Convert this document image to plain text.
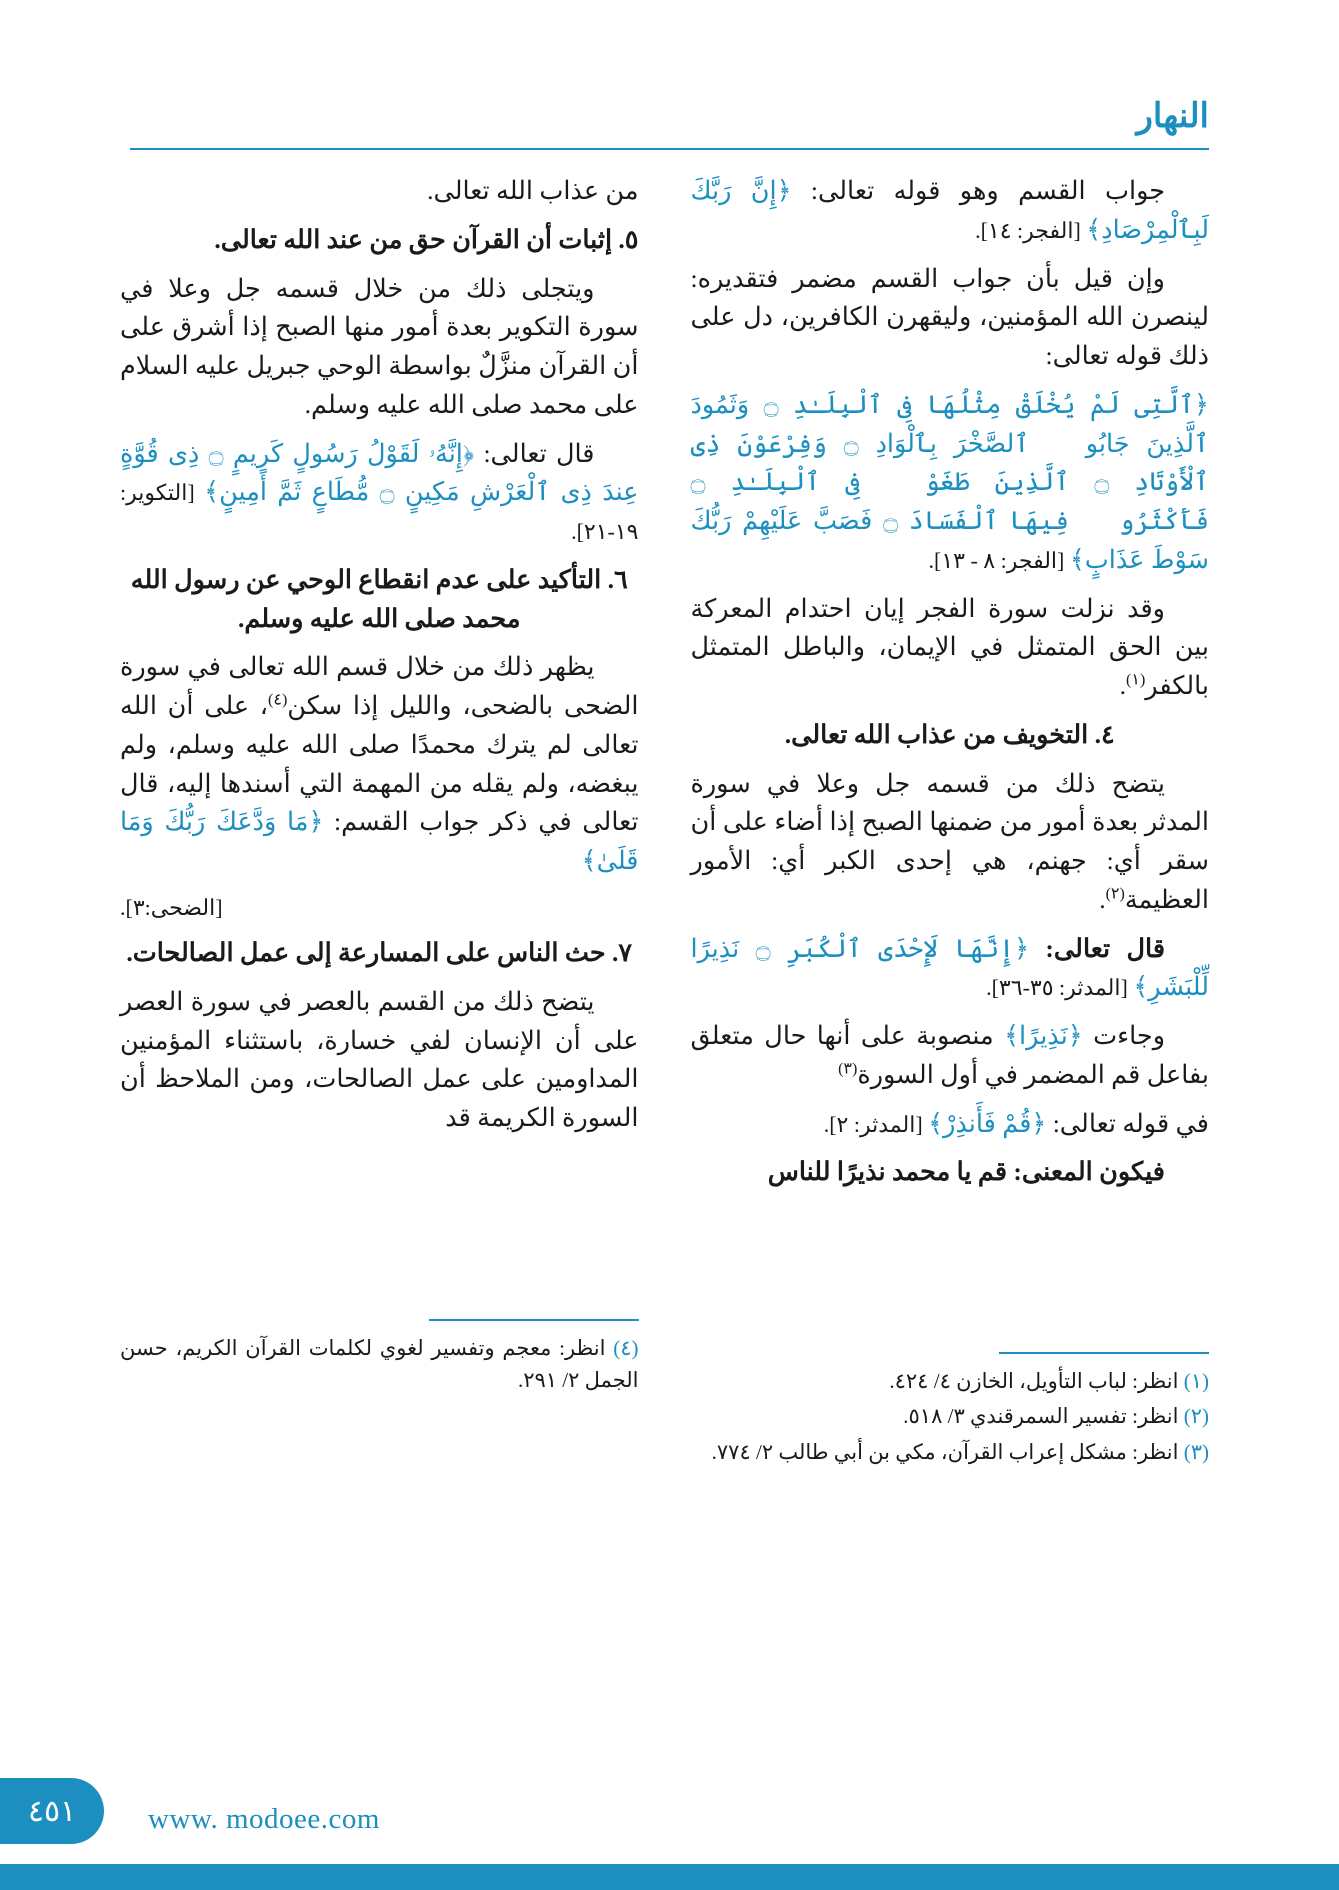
النهار

جواب القسم وهو قوله تعالى: ﴿إِنَّ رَبَّكَ لَبِٱلْمِرْصَادِ﴾ [الفجر: ١٤].

وإن قيل بأن جواب القسم مضمر فتقديره: لينصرن الله المؤمنين، وليقهرن الكافرين، دل على ذلك قوله تعالى:

﴿ٱلَّتِى لَمْ يُخْلَقْ مِثْلُهَا فِى ٱلْبِلَـٰدِ ۝ وَثَمُودَ ٱلَّذِينَ جَابُوا۟ ٱلصَّخْرَ بِٱلْوَادِ ۝ وَفِرْعَوْنَ ذِى ٱلْأَوْتَادِ ۝ ٱلَّذِينَ طَغَوْا۟ فِى ٱلْبِلَـٰدِ ۝ فَأَكْثَرُوا۟ فِيهَا ٱلْفَسَادَ ۝ فَصَبَّ عَلَيْهِمْ رَبُّكَ سَوْطَ عَذَابٍ﴾ [الفجر: ٨ - ١٣].

وقد نزلت سورة الفجر إيان احتدام المعركة بين الحق المتمثل في الإيمان، والباطل المتمثل بالكفر$^{(١)}$.

٤. التخويف من عذاب الله تعالى.

يتضح ذلك من قسمه جل وعلا في سورة المدثر بعدة أمور من ضمنها الصبح إذا أضاء على أن سقر أي: جهنم، هي إحدى الكبر أي: الأمور العظيمة$^{(٢)}$.

قال تعالى: ﴿إِنَّهَا لَإِحْدَى ٱلْكُبَرِ ۝ نَذِيرًا لِّلْبَشَرِ﴾ [المدثر: ٣٥-٣٦].

وجاءت ﴿نَذِيرًا﴾ منصوبة على أنها حال متعلق بفاعل قم المضمر في أول السورة$^{(٣)}$

في قوله تعالى: ﴿قُمْ فَأَنذِرْ﴾ [المدثر: ٢].

فيكون المعنى: قم يا محمد نذيرًا للناس

(١) انظر: لباب التأويل، الخازن ٤/ ٤٢٤.

(٢) انظر: تفسير السمرقندي ٣/ ٥١٨.

(٣) انظر: مشكل إعراب القرآن، مكي بن أبي طالب ٢/ ٧٧٤.

من عذاب الله تعالى.

٥. إثبات أن القرآن حق من عند الله تعالى.

ويتجلى ذلك من خلال قسمه جل وعلا في سورة التكوير بعدة أمور منها الصبح إذا أشرق على أن القرآن منزَّلٌ بواسطة الوحي جبريل عليه السلام على محمد صلى الله عليه وسلم.

قال تعالى: ﴿إِنَّهُۥ لَقَوْلُ رَسُولٍ كَرِيمٍ ۝ ذِى قُوَّةٍ عِندَ ذِى ٱلْعَرْشِ مَكِينٍ ۝ مُّطَاعٍ ثَمَّ أَمِينٍ﴾ [التكوير: ١٩-٢١].

٦. التأكيد على عدم انقطاع الوحي عن رسول الله محمد صلى الله عليه وسلم.

يظهر ذلك من خلال قسم الله تعالى في سورة الضحى بالضحى، والليل إذا سكن$^{(٤)}$، على أن الله تعالى لم يترك محمدًا صلى الله عليه وسلم، ولم يبغضه، ولم يقله من المهمة التي أسندها إليه، قال تعالى في ذكر جواب القسم: ﴿مَا وَدَّعَكَ رَبُّكَ وَمَا قَلَىٰ﴾

[الضحى:٣].

٧. حث الناس على المسارعة إلى عمل الصالحات.

يتضح ذلك من القسم بالعصر في سورة العصر على أن الإنسان لفي خسارة، باستثناء المؤمنين المداومين على عمل الصالحات، ومن الملاحظ أن السورة الكريمة قد

(٤) انظر: معجم وتفسير لغوي لكلمات القرآن الكريم، حسن الجمل ٢/ ٢٩١.

٤٥١	www. modoee.com
